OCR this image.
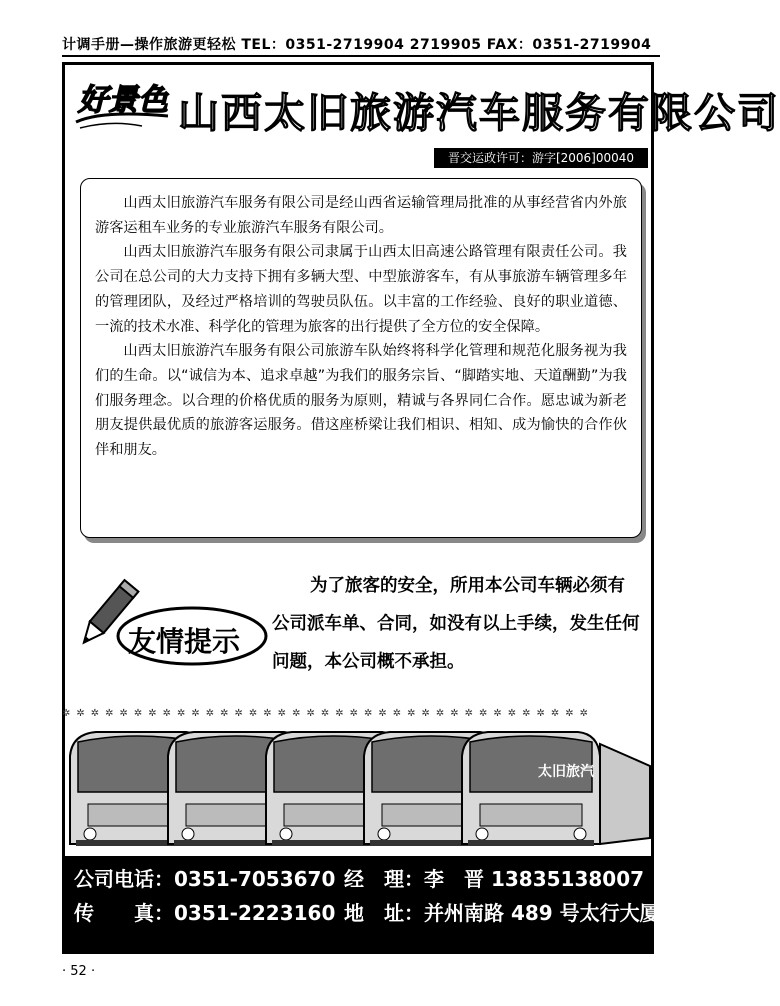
计调手册—操作旅游更轻松 TEL：0351-2719904 2719905 FAX：0351-2719904
好景色 山西太旧旅游汽车服务有限公司
晋交运政许可：游字[2006]00040

山西太旧旅游汽车服务有限公司是经山西省运输管理局批准的从事经营省内外旅游客运租车业务的专业旅游汽车服务有限公司。

山西太旧旅游汽车服务有限公司隶属于山西太旧高速公路管理有限责任公司。我公司在总公司的大力支持下拥有多辆大型、中型旅游客车，有从事旅游车辆管理多年的管理团队，及经过严格培训的驾驶员队伍。以丰富的工作经验、良好的职业道德、一流的技术水准、科学化的管理为旅客的出行提供了全方位的安全保障。

山西太旧旅游汽车服务有限公司旅游车队始终将科学化管理和规范化服务视为我们的生命。以“诚信为本、追求卓越”为我们的服务宗旨、“脚踏实地、天道酬勤”为我们服务理念。以合理的价格优质的服务为原则，精诚与各界同仁合作。愿忠诚为新老朋友提供最优质的旅游客运服务。借这座桥梁让我们相识、相知、成为愉快的合作伙伴和朋友。

友情提示
为了旅客的安全，所用本公司车辆必须有
公司派车单、合同，如没有以上手续，发生任何
问题，本公司概不承担。
✲✲✲✲✲✲✲✲✲✲✲✲✲✲✲✲✲✲✲✲✲✲✲✲✲✲✲✲✲✲✲✲✲✲✲✲✲
太旧旅汽
公司电话：0351-7053670 经　理：李　晋 13835138007
传　　真：0351-2223160 地　址：并州南路 489 号太行大厦一层
· 52 ·
